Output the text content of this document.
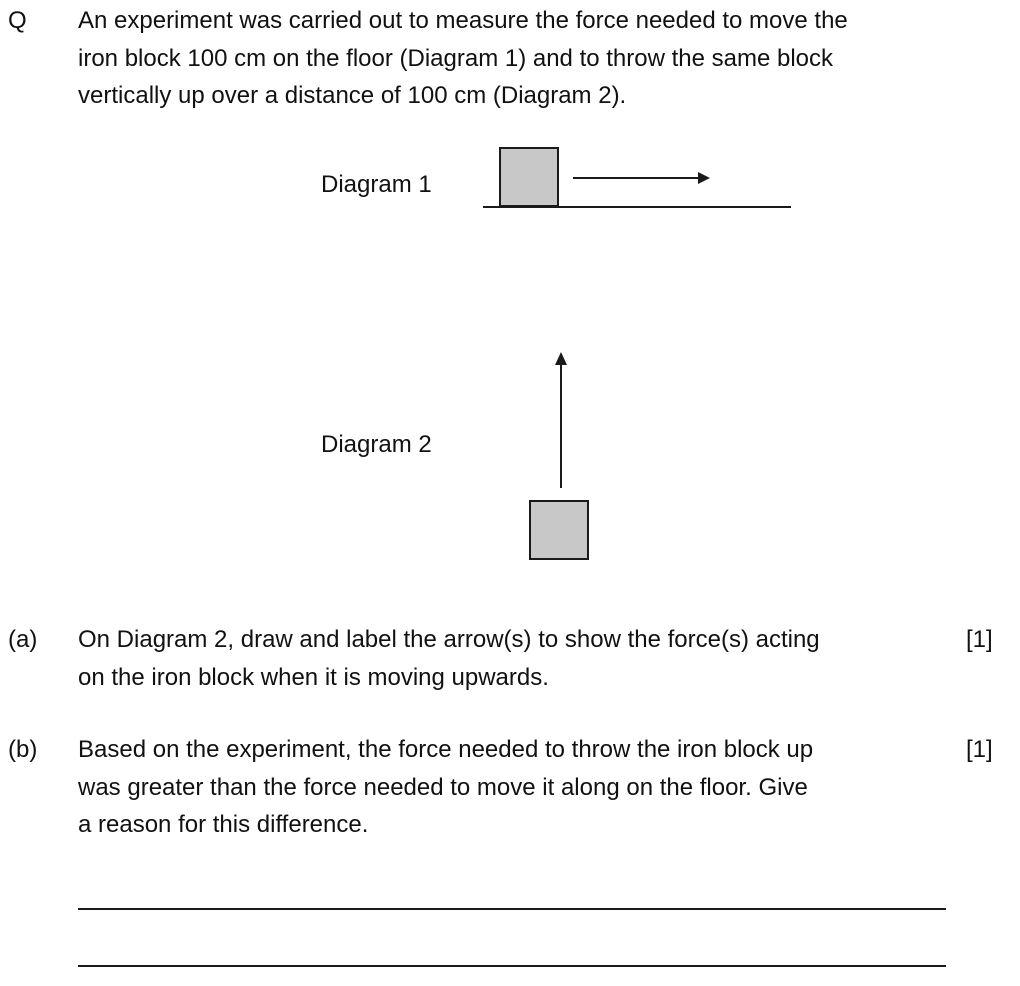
Q An experiment was carried out to measure the force needed to move the
iron block 100 cm on the floor (Diagram 1) and to throw the same block
vertically up over a distance of 100 cm (Diagram 2).
Diagram 1
Diagram 2
(a) On Diagram 2, draw and label the arrow(s) to show the force(s) acting
on the iron block when it is moving upwards.
[1]
(b) Based on the experiment, the force needed to throw the iron block up
was greater than the force needed to move it along on the floor. Give
a reason for this difference.
[1]
